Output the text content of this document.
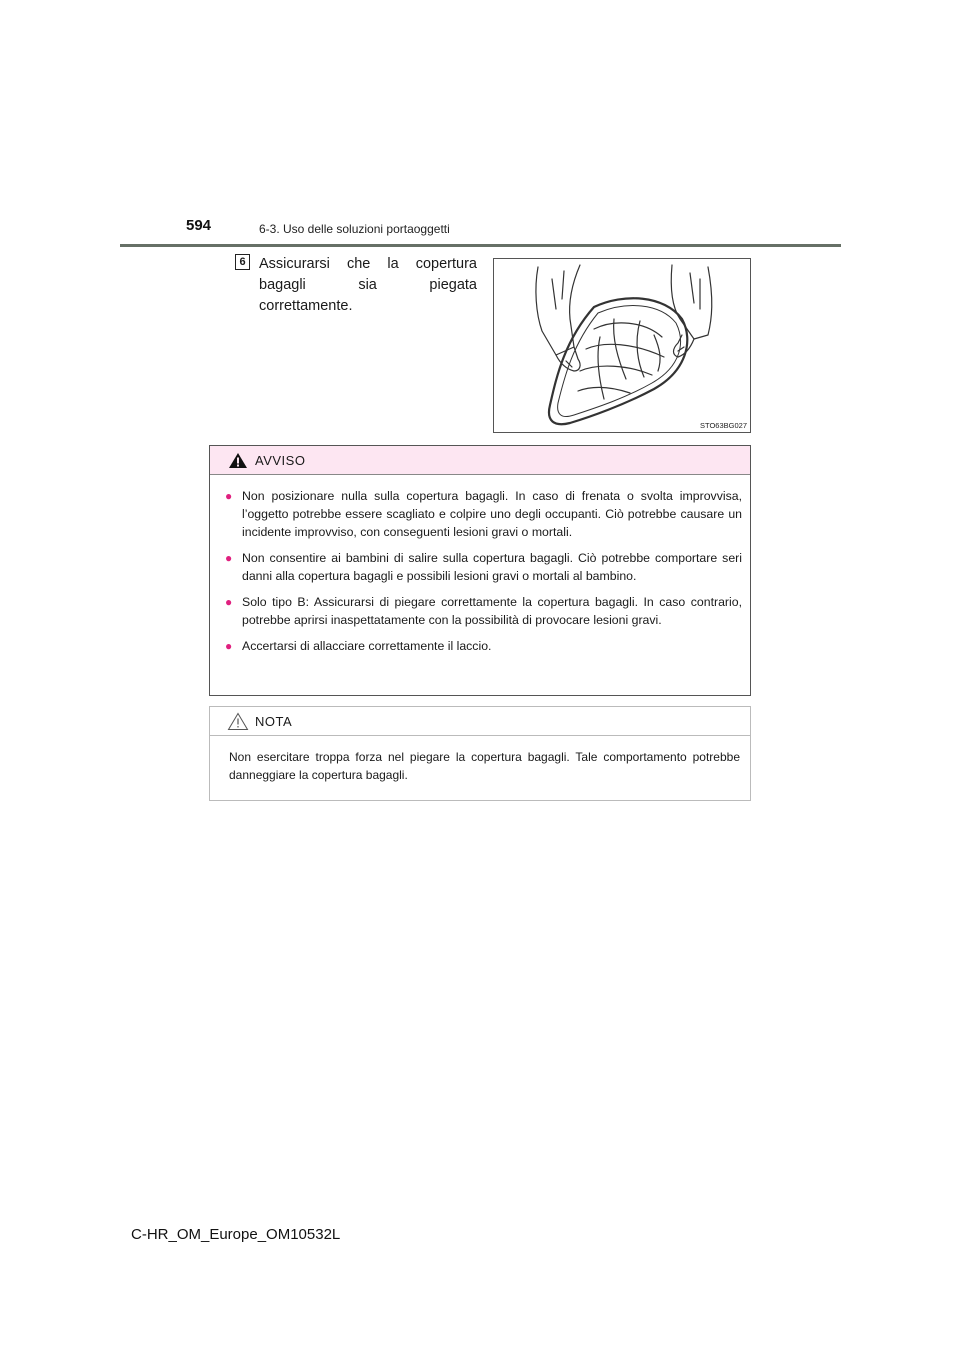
594	6-3. Uso delle soluzioni portaoggetti
6 Assicurarsi che la copertura bagagli sia piegata correttamente.
STO63BG027
AVVISO
● Non posizionare nulla sulla copertura bagagli. In caso di frenata o svolta improvvisa, l’oggetto potrebbe essere scagliato e colpire uno degli occupanti. Ciò potrebbe causare un incidente improvviso, con conseguenti lesioni gravi o mortali.
● Non consentire ai bambini di salire sulla copertura bagagli. Ciò potrebbe comportare seri danni alla copertura bagagli e possibili lesioni gravi o mortali al bambino.
● Solo tipo B: Assicurarsi di piegare correttamente la copertura bagagli. In caso contrario, potrebbe aprirsi inaspettatamente con la possibilità di provocare lesioni gravi.
● Accertarsi di allacciare correttamente il laccio.
NOTA
Non esercitare troppa forza nel piegare la copertura bagagli. Tale comportamento potrebbe danneggiare la copertura bagagli.
C-HR_OM_Europe_OM10532L
